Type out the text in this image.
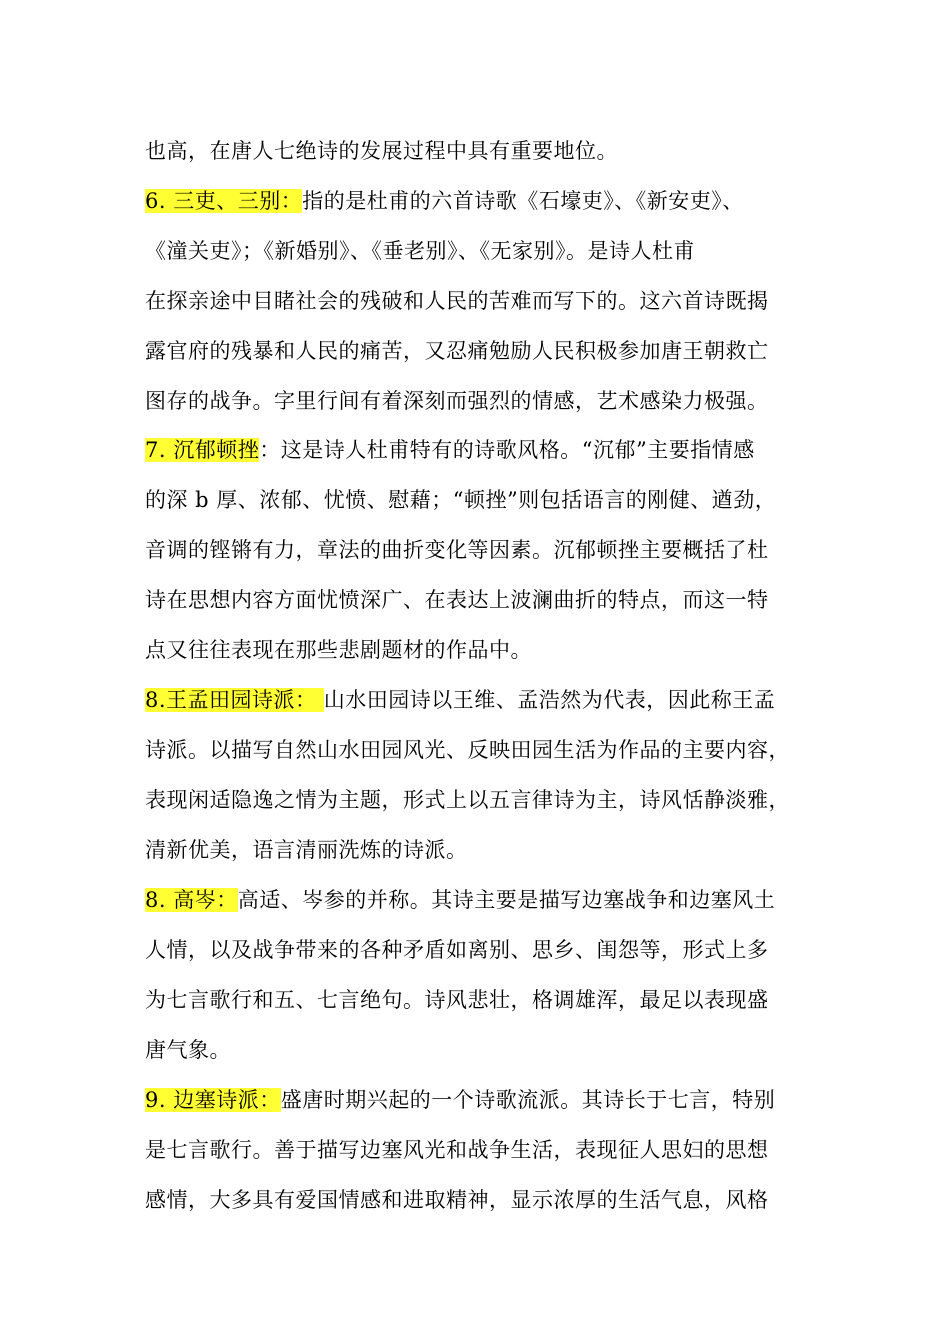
也高，在唐人七绝诗的发展过程中具有重要地位。
6. 三吏、三别：指的是杜甫的六首诗歌《石壕吏》、《新安吏》、
《潼关吏》；《新婚别》、《垂老别》、《无家别》。是诗人杜甫
在探亲途中目睹社会的残破和人民的苦难而写下的。这六首诗既揭
露官府的残暴和人民的痛苦，又忍痛勉励人民积极参加唐王朝救亡
图存的战争。字里行间有着深刻而强烈的情感，艺术感染力极强。
7. 沉郁顿挫：这是诗人杜甫特有的诗歌风格。“沉郁”主要指情感
的深 b 厚、浓郁、忧愤、慰藉；“顿挫”则包括语言的刚健、遒劲，
音调的铿锵有力，章法的曲折变化等因素。沉郁顿挫主要概括了杜
诗在思想内容方面忧愤深广、在表达上波澜曲折的特点，而这一特
点又往往表现在那些悲剧题材的作品中。
8.王孟田园诗派： 山水田园诗以王维、孟浩然为代表，因此称王孟
诗派。以描写自然山水田园风光、反映田园生活为作品的主要内容，
表现闲适隐逸之情为主题，形式上以五言律诗为主，诗风恬静淡雅，
清新优美，语言清丽洗炼的诗派。
8. 高岑：高适、岑参的并称。其诗主要是描写边塞战争和边塞风土
人情，以及战争带来的各种矛盾如离别、思乡、闺怨等，形式上多
为七言歌行和五、七言绝句。诗风悲壮，格调雄浑，最足以表现盛
唐气象。
9. 边塞诗派：盛唐时期兴起的一个诗歌流派。其诗长于七言，特别
是七言歌行。善于描写边塞风光和战争生活，表现征人思妇的思想
感情，大多具有爱国情感和进取精神，显示浓厚的生活气息，风格
